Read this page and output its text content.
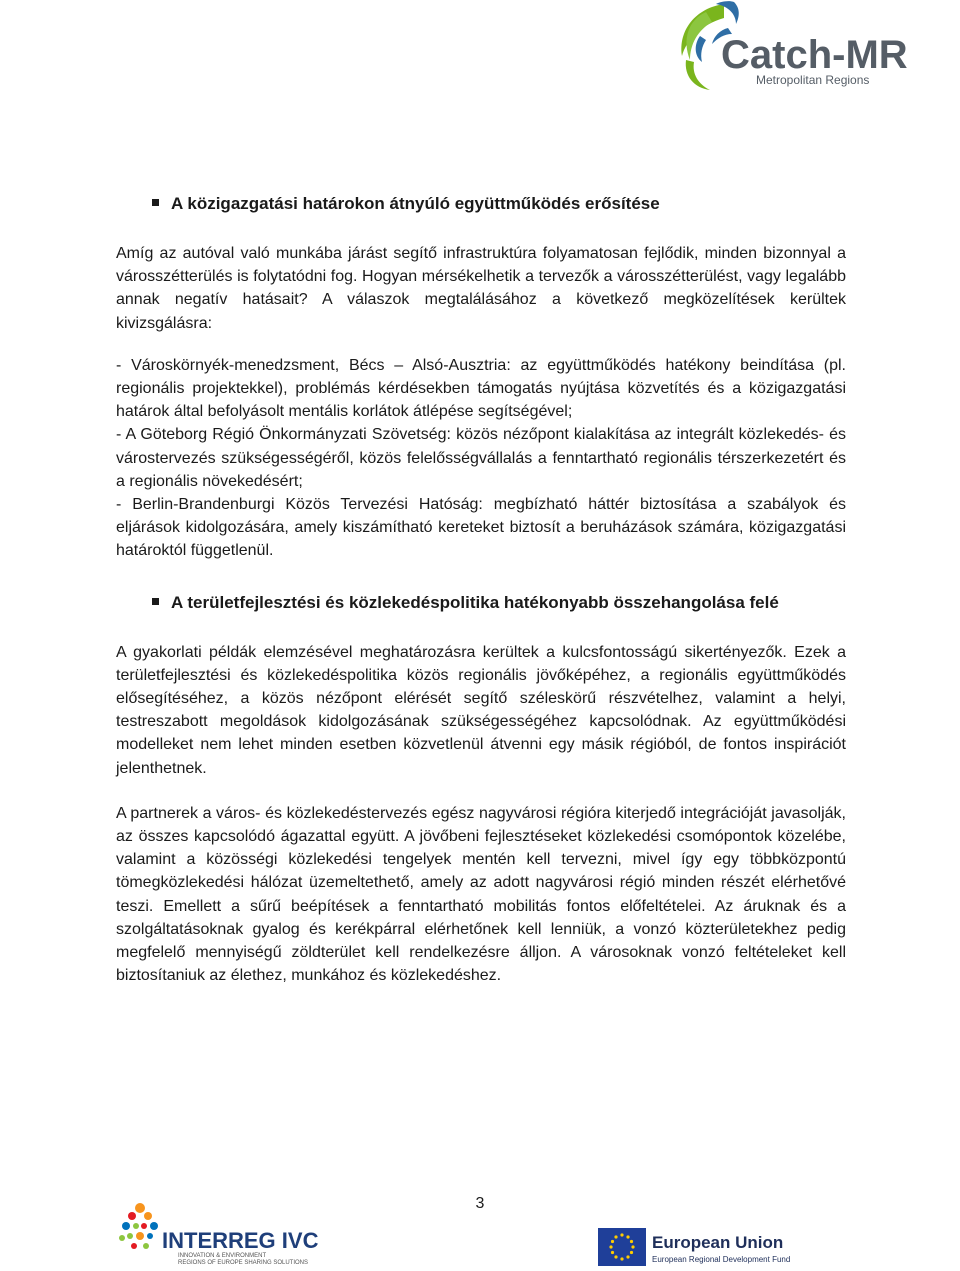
Catch-MR
Metropolitan Regions
A közigazgatási határokon átnyúló együttműködés erősítése

Amíg az autóval való munkába járást segítő infrastruktúra folyamatosan fejlődik, minden bizonnyal a városszétterülés is folytatódni fog. Hogyan mérsékelhetik a tervezők a városszétterülést, vagy legalább annak negatív hatásait? A válaszok megtalálásához a következő megközelítések kerültek kivizsgálásra:

- Városkörnyék-menedzsment, Bécs – Alsó-Ausztria: az együttműködés hatékony beindítása (pl. regionális projektekkel), problémás kérdésekben támogatás nyújtása közvetítés és a közigazgatási határok által befolyásolt mentális korlátok átlépése segítségével;

- A Göteborg Régió Önkormányzati Szövetség: közös nézőpont kialakítása az integrált közlekedés- és várostervezés szükségességéről, közös felelősségvállalás a fenntartható regionális térszerkezetért és a regionális növekedésért;

- Berlin-Brandenburgi Közös Tervezési Hatóság: megbízható háttér biztosítása a szabályok és eljárások kidolgozására, amely kiszámítható kereteket biztosít a beruházások számára, közigazgatási határoktól függetlenül.

A területfejlesztési és közlekedéspolitika hatékonyabb összehangolása felé

A gyakorlati példák elemzésével meghatározásra kerültek a kulcsfontosságú sikertényezők. Ezek a területfejlesztési és közlekedéspolitika közös regionális jövőképéhez, a regionális együttműködés elősegítéséhez, a közös nézőpont elérését segítő széleskörű részvételhez, valamint a helyi, testreszabott megoldások kidolgozásának szükségességéhez kapcsolódnak. Az együttműködési modelleket nem lehet minden esetben közvetlenül átvenni egy másik régióból, de fontos inspirációt jelenthetnek.

A partnerek a város- és közlekedéstervezés egész nagyvárosi régióra kiterjedő integrációját javasolják, az összes kapcsolódó ágazattal együtt. A jövőbeni fejlesztéseket közlekedési csomópontok közelébe, valamint a közösségi közlekedési tengelyek mentén kell tervezni, mivel így egy többközpontú tömegközlekedési hálózat üzemeltethető, amely az adott nagyvárosi régió minden részét elérhetővé teszi. Emellett a sűrű beépítések a fenntartható mobilitás fontos előfeltételei. Az áruknak és a szolgáltatásoknak gyalog és kerékpárral elérhetőnek kell lenniük, a vonzó közterületekhez pedig megfelelő mennyiségű zöldterület kell rendelkezésre álljon. A városoknak vonzó feltételeket kell biztosítaniuk az élethez, munkához és közlekedéshez.

3
INTERREG IVC
INNOVATION & ENVIRONMENT
REGIONS OF EUROPE SHARING SOLUTIONS
European Union
European Regional Development Fund
